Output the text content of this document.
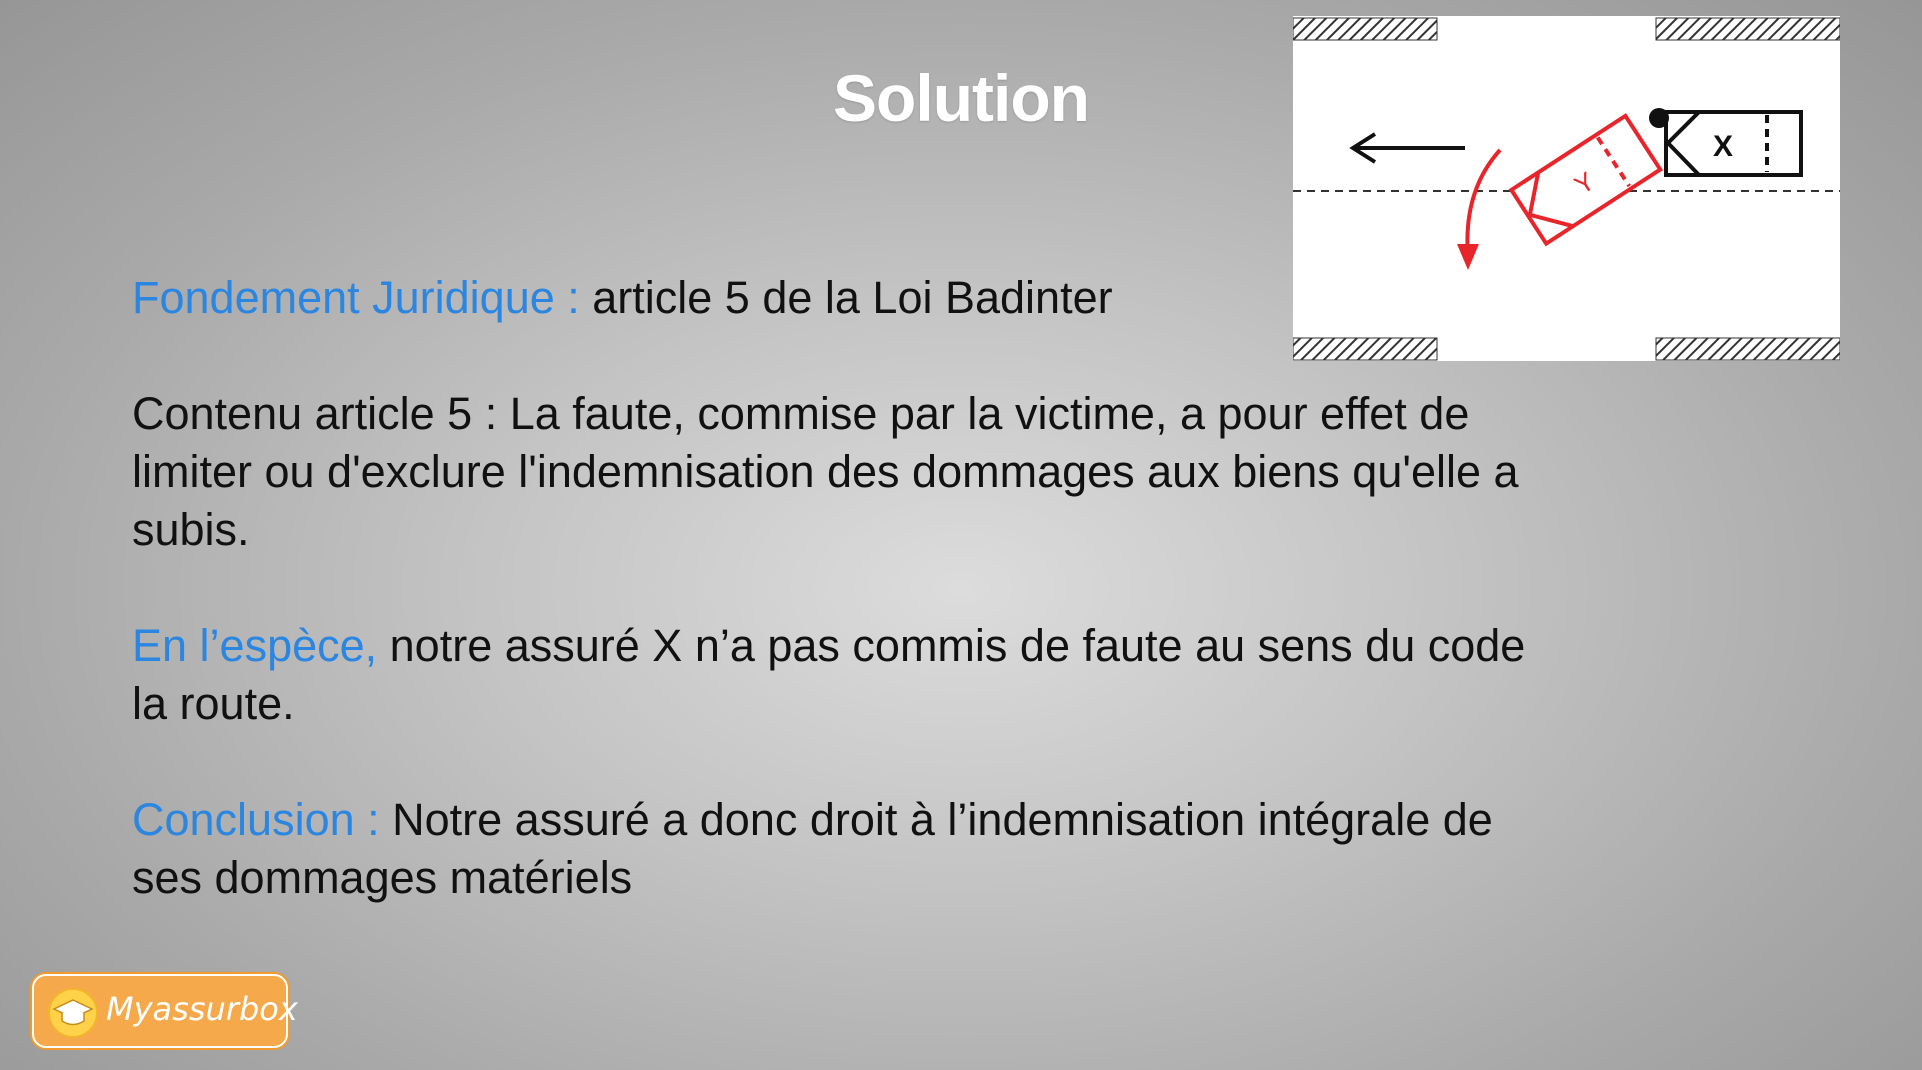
Solution
Fondement Juridique : article 5 de la Loi Badinter
Contenu article 5 : La faute, commise par la victime, a pour effet de limiter ou d'exclure l'indemnisation des dommages aux biens qu'elle a subis.
En l’espèce, notre assuré X n’a pas commis de faute au sens du code la route.
Conclusion : Notre assuré a donc droit à l’indemnisation intégrale de ses dommages matériels
X
Y
Myassurbox
